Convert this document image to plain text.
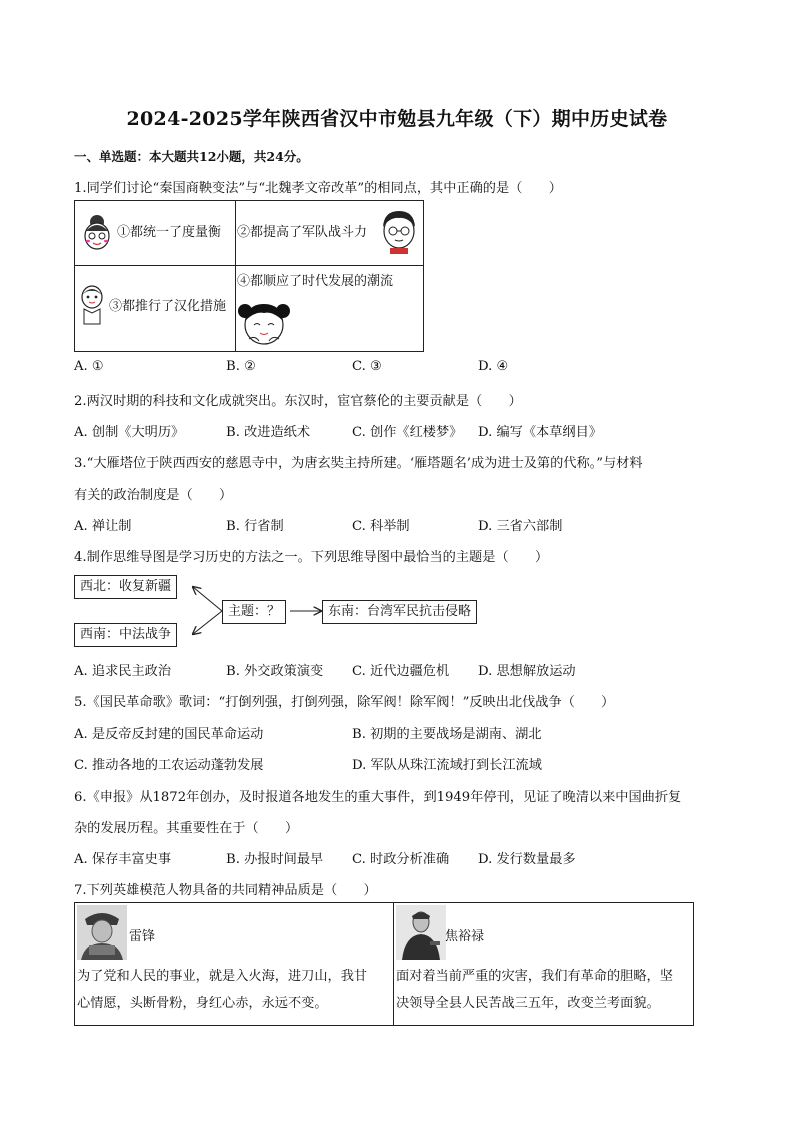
2024-2025学年陕西省汉中市勉县九年级（下）期中历史试卷
一、单选题：本大题共12小题，共24分。
1.同学们讨论“秦国商鞅变法”与“北魏孝文帝改革”的相同点，其中正确的是（　　）
①都统一了度量衡 ②都提高了军队战斗力
③都推行了汉化措施
④都顺应了时代发展的潮流
A. ①	B. ②	C. ③	D. ④
2.两汉时期的科技和文化成就突出。东汉时，宦官蔡伦的主要贡献是（　　）
A. 创制《大明历》	B. 改进造纸术	C. 创作《红楼梦》 D. 编写《本草纲目》
3.“大雁塔位于陕西西安的慈恩寺中，为唐玄奘主持所建。‘雁塔题名’成为进士及第的代称。”与材料
有关的政治制度是（　　）
A. 禅让制	B. 行省制	C. 科举制	D. 三省六部制
4.制作思维导图是学习历史的方法之一。下列思维导图中最恰当的主题是（　　）
西北：收复新疆
西南：中法战争
主题：？	东南：台湾军民抗击侵略
A. 追求民主政治	B. 外交政策演变 C. 近代边疆危机 D. 思想解放运动
5.《国民革命歌》歌词：“打倒列强，打倒列强，除军阀！除军阀！”反映出北伐战争（　　）
A. 是反帝反封建的国民革命运动	B. 初期的主要战场是湖南、湖北
C. 推动各地的工农运动蓬勃发展	D. 军队从珠江流域打到长江流域
6.《申报》从1872年创办，及时报道各地发生的重大事件，到1949年停刊，见证了晚清以来中国曲折复
杂的发展历程。其重要性在于（　　）
A. 保存丰富史事	B. 办报时间最早 C. 时政分析准确 D. 发行数量最多
7.下列英雄模范人物具备的共同精神品质是（　　）
雷锋
为了党和人民的事业，就是入火海，进刀山，我甘
心情愿，头断骨粉，身红心赤，永远不变。
焦裕禄
面对着当前严重的灾害，我们有革命的胆略，坚
决领导全县人民苦战三五年，改变兰考面貌。
